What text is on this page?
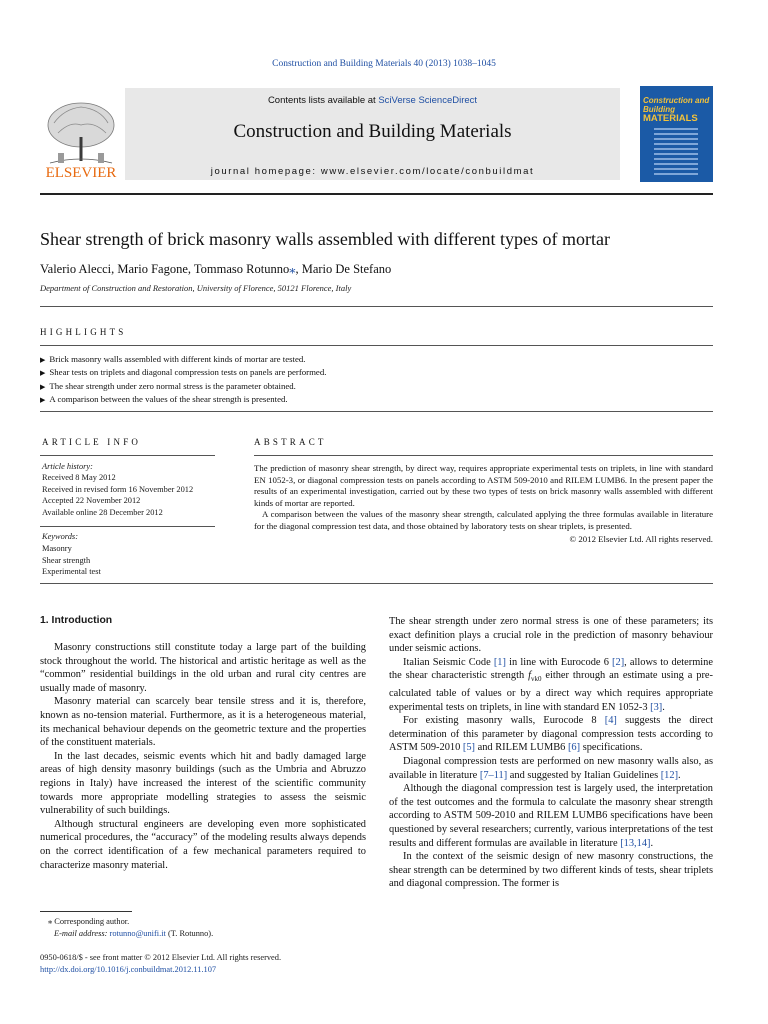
Construction and Building Materials 40 (2013) 1038–1045
ELSEVIER
Contents lists available at SciVerse ScienceDirect
Construction and Building Materials
journal homepage: www.elsevier.com/locate/conbuildmat
Construction and Building
MATERIALS
Shear strength of brick masonry walls assembled with different types of mortar
Valerio Alecci, Mario Fagone, Tommaso Rotunno⁎, Mario De Stefano
Department of Construction and Restoration, University of Florence, 50121 Florence, Italy
HIGHLIGHTS
▶ Brick masonry walls assembled with different kinds of mortar are tested.
▶ Shear tests on triplets and diagonal compression tests on panels are performed.
▶ The shear strength under zero normal stress is the parameter obtained.
▶ A comparison between the values of the shear strength is presented.
ARTICLE INFO
Article history:
Received 8 May 2012
Received in revised form 16 November 2012
Accepted 22 November 2012
Available online 28 December 2012
Keywords:
Masonry
Shear strength
Experimental test
ABSTRACT

The prediction of masonry shear strength, by direct way, requires appropriate experimental tests on triplets, in line with standard EN 1052-3, or diagonal compression tests on panels according to ASTM 509-2010 and RILEM LUMB6. In the present paper the results of an experimental investigation, carried out by these two types of tests on brick masonry walls assembled with different kinds of mortar are reported.

A comparison between the values of the masonry shear strength, calculated applying the three formulas available in literature for the diagonal compression test data, and those obtained by laboratory tests on shear triplets, is presented.

© 2012 Elsevier Ltd. All rights reserved.
1. Introduction

Masonry constructions still constitute today a large part of the building stock throughout the world. The historical and artistic heritage as well as the “common” residential buildings in the old urban and rural city centres are usually made of masonry.

Masonry material can scarcely bear tensile stress and it is, therefore, known as no-tension material. Furthermore, as it is a heterogeneous material, its mechanical behaviour depends on the geometric texture and the properties of the constituent materials.

In the last decades, seismic events which hit and badly damaged large areas of high density masonry buildings (such as the Umbria and Abruzzo regions in Italy) have increased the interest of the scientific community towards more appropriate modelling strategies to assess the seismic vulnerability of such buildings.

Although structural engineers are developing even more sophisticated numerical procedures, the “accuracy” of the modeling results always depends on the correct identification of a few mechanical parameters required to characterize masonry material.

The shear strength under zero normal stress is one of these parameters; its exact definition plays a crucial role in the prediction of masonry behaviour under seismic actions.

Italian Seismic Code [1] in line with Eurocode 6 [2], allows to determine the shear characteristic strength $f_{vk0}$ either through an estimate using a pre-calculated table of values or by a direct way which requires appropriate experimental tests on triplets, in line with standard EN 1052-3 [3].

For existing masonry walls, Eurocode 8 [4] suggests the direct determination of this parameter by diagonal compression tests according to ASTM 509-2010 [5] and RILEM LUMB6 [6] specifications.

Diagonal compression tests are performed on new masonry walls also, as available in literature [7–11] and suggested by Italian Guidelines [12].

Although the diagonal compression test is largely used, the interpretation of the test outcomes and the formula to calculate the masonry shear strength according to ASTM 509-2010 and RILEM LUMB6 specifications have been questioned by several researchers; currently, various interpretations of the test results and different formulas are available in literature [13,14].

In the context of the seismic design of new masonry constructions, the shear strength can be determined by two different kinds of tests, shear triplets and diagonal compression. The former is

⁎ Corresponding author.
E-mail address: rotunno@unifi.it (T. Rotunno).
0950-0618/$ - see front matter © 2012 Elsevier Ltd. All rights reserved.
http://dx.doi.org/10.1016/j.conbuildmat.2012.11.107
